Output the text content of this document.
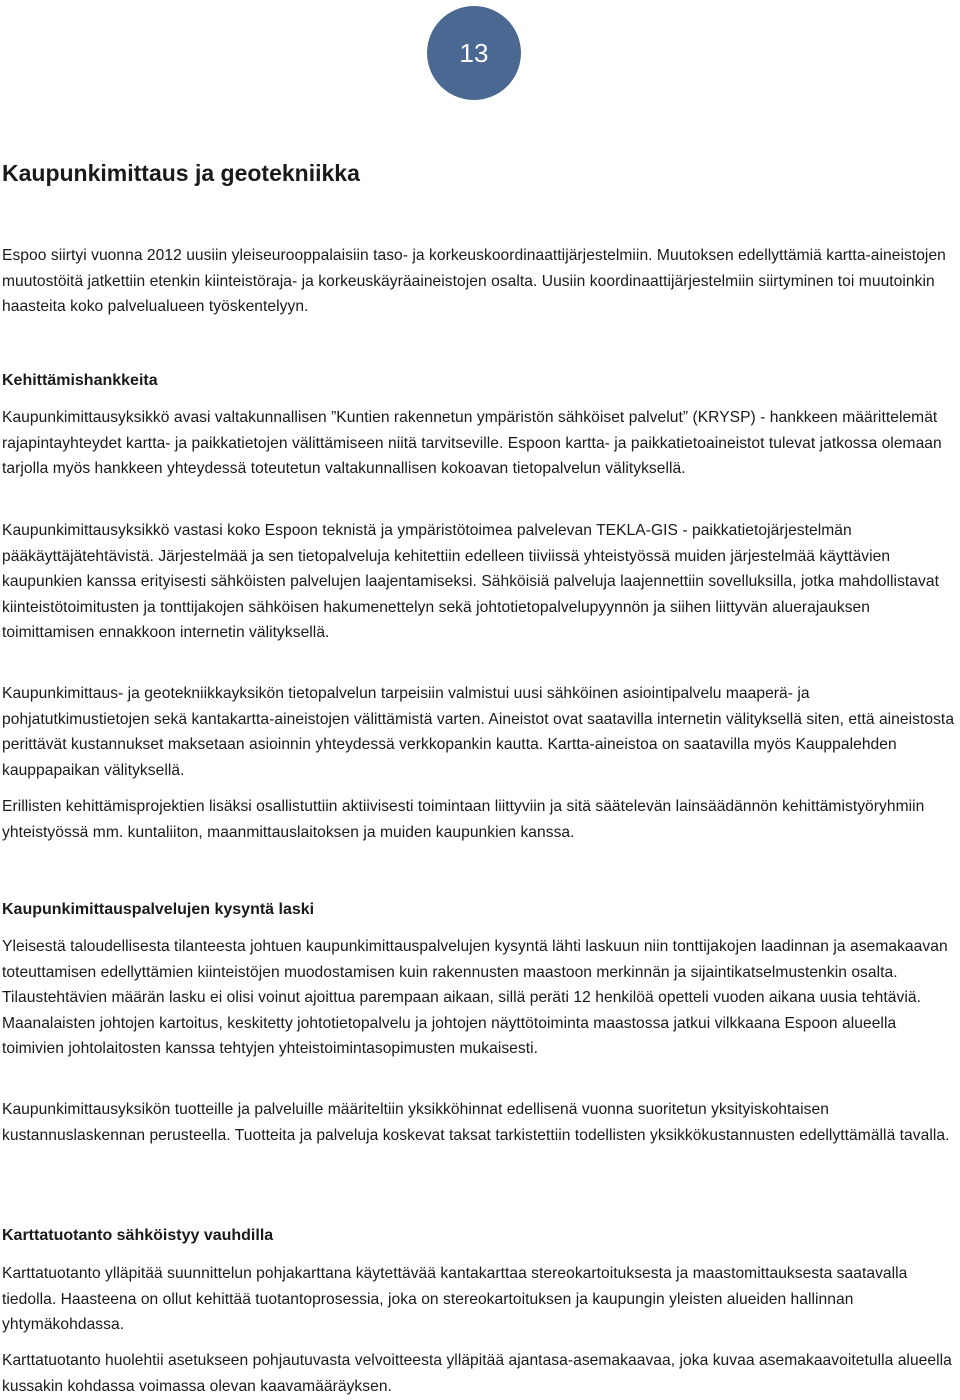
13
Kaupunkimittaus ja geotekniikka

Espoo siirtyi vuonna 2012 uusiin yleiseurooppalaisiin taso- ja korkeuskoordinaattijärjestelmiin. Muutoksen edellyttämiä kartta-aineistojen muutostöitä jatkettiin etenkin kiinteistöraja- ja korkeuskäyräaineistojen osalta. Uusiin koordinaattijärjestelmiin siirtyminen toi muutoinkin haasteita koko palvelualueen työskentelyyn.

Kehittämishankkeita

Kaupunkimittausyksikkö avasi valtakunnallisen ”Kuntien rakennetun ympäristön sähköiset palvelut” (KRYSP) - hankkeen määrittelemät rajapintayhteydet kartta- ja paikkatietojen välittämiseen niitä tarvitseville. Espoon kartta- ja paikkatietoaineistot tulevat jatkossa olemaan tarjolla myös hankkeen yhteydessä toteutetun valtakunnallisen kokoavan tietopalvelun välityksellä.

Kaupunkimittausyksikkö vastasi koko Espoon teknistä ja ympäristötoimea palvelevan TEKLA-GIS - paikkatietojärjestelmän pääkäyttäjätehtävistä. Järjestelmää ja sen tietopalveluja kehitettiin edelleen tiiviissä yhteistyössä muiden järjestelmää käyttävien kaupunkien kanssa erityisesti sähköisten palvelujen laajentamiseksi. Sähköisiä palveluja laajennettiin sovelluksilla, jotka mahdollistavat kiinteistötoimitusten ja tonttijakojen sähköisen hakumenettelyn sekä johtotietopalvelupyynnön ja siihen liittyvän aluerajauksen toimittamisen ennakkoon internetin välityksellä.

Kaupunkimittaus- ja geotekniikkayksikön tietopalvelun tarpeisiin valmistui uusi sähköinen asiointipalvelu maaperä- ja pohjatutkimustietojen sekä kantakartta-aineistojen välittämistä varten. Aineistot ovat saatavilla internetin välityksellä siten, että aineistosta perittävät kustannukset maksetaan asioinnin yhteydessä verkkopankin kautta. Kartta-aineistoa on saatavilla myös Kauppalehden kauppapaikan välityksellä.

Erillisten kehittämisprojektien lisäksi osallistuttiin aktiivisesti toimintaan liittyviin ja sitä säätelevän lainsäädännön kehittämistyöryhmiin yhteistyössä mm. kuntaliiton, maanmittauslaitoksen ja muiden kaupunkien kanssa.

Kaupunkimittauspalvelujen kysyntä laski

Yleisestä taloudellisesta tilanteesta johtuen kaupunkimittauspalvelujen kysyntä lähti laskuun niin tonttijakojen laadinnan ja asemakaavan toteuttamisen edellyttämien kiinteistöjen muodostamisen kuin rakennusten maastoon merkinnän ja sijaintikatselmustenkin osalta. Tilaustehtävien määrän lasku ei olisi voinut ajoittua parempaan aikaan, sillä peräti 12 henkilöä opetteli vuoden aikana uusia tehtäviä. Maanalaisten johtojen kartoitus, keskitetty johtotietopalvelu ja johtojen näyttötoiminta maastossa jatkui vilkkaana Espoon alueella toimivien johtolaitosten kanssa tehtyjen yhteistoimintasopimusten mukaisesti.

Kaupunkimittausyksikön tuotteille ja palveluille määriteltiin yksikköhinnat edellisenä vuonna suoritetun yksityiskohtaisen kustannuslaskennan perusteella. Tuotteita ja palveluja koskevat taksat tarkistettiin todellisten yksikkökustannusten edellyttämällä tavalla.

Karttatuotanto sähköistyy vauhdilla

Karttatuotanto ylläpitää suunnittelun pohjakarttana käytettävää kantakarttaa stereokartoituksesta ja maastomittauksesta saatavalla tiedolla. Haasteena on ollut kehittää tuotantoprosessia, joka on stereokartoituksen ja kaupungin yleisten alueiden hallinnan yhtymäkohdassa.

Karttatuotanto huolehtii asetukseen pohjautuvasta velvoitteesta ylläpitää ajantasa-asemakaavaa, joka kuvaa asemakaavoitetulla alueella kussakin kohdassa voimassa olevan kaavamääräyksen.
